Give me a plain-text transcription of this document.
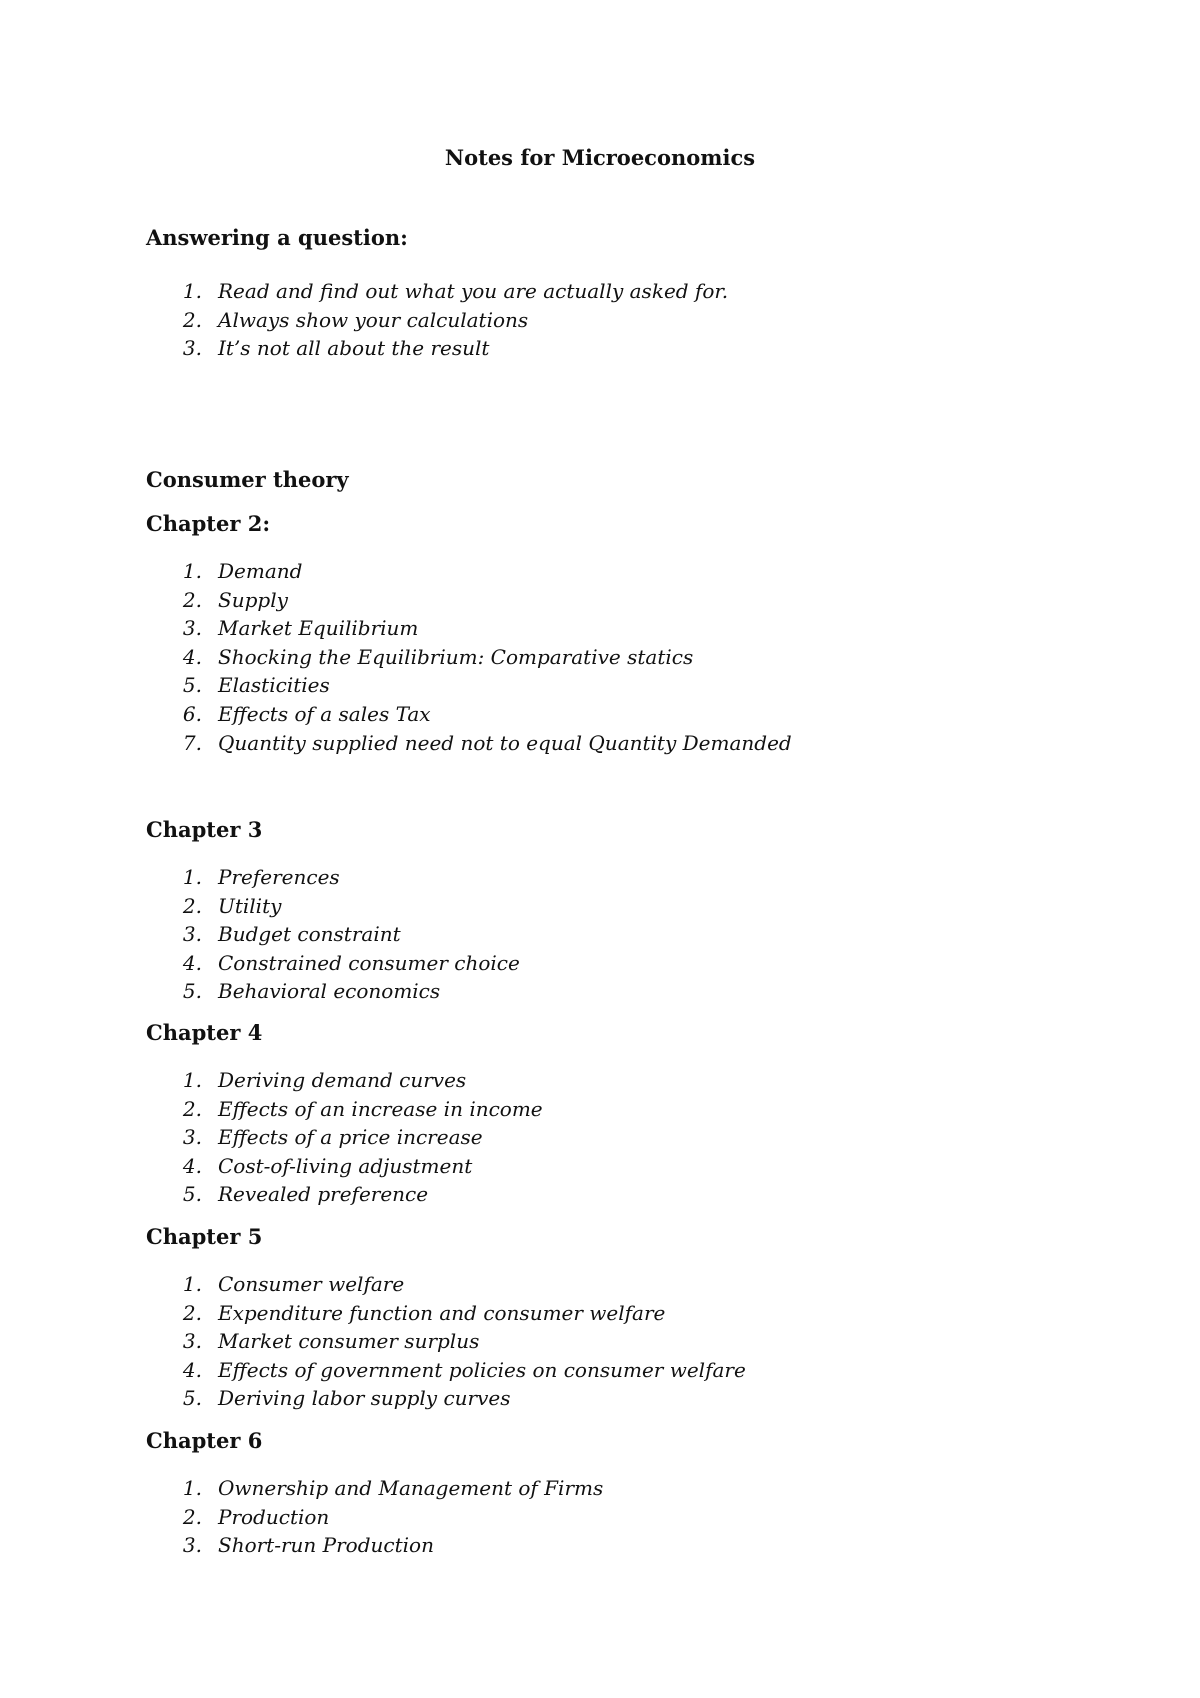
Notes for Microeconomics
Answering a question:
1. Read and find out what you are actually asked for.
2. Always show your calculations
3. It’s not all about the result
Consumer theory
Chapter 2:
1. Demand
2. Supply
3. Market Equilibrium
4. Shocking the Equilibrium: Comparative statics
5. Elasticities
6. Effects of a sales Tax
7. Quantity supplied need not to equal Quantity Demanded
Chapter 3
1. Preferences
2. Utility
3. Budget constraint
4. Constrained consumer choice
5. Behavioral economics
Chapter 4
1. Deriving demand curves
2. Effects of an increase in income
3. Effects of a price increase
4. Cost-of-living adjustment
5. Revealed preference
Chapter 5
1. Consumer welfare
2. Expenditure function and consumer welfare
3. Market consumer surplus
4. Effects of government policies on consumer welfare
5. Deriving labor supply curves
Chapter 6
1. Ownership and Management of Firms
2. Production
3. Short-run Production
